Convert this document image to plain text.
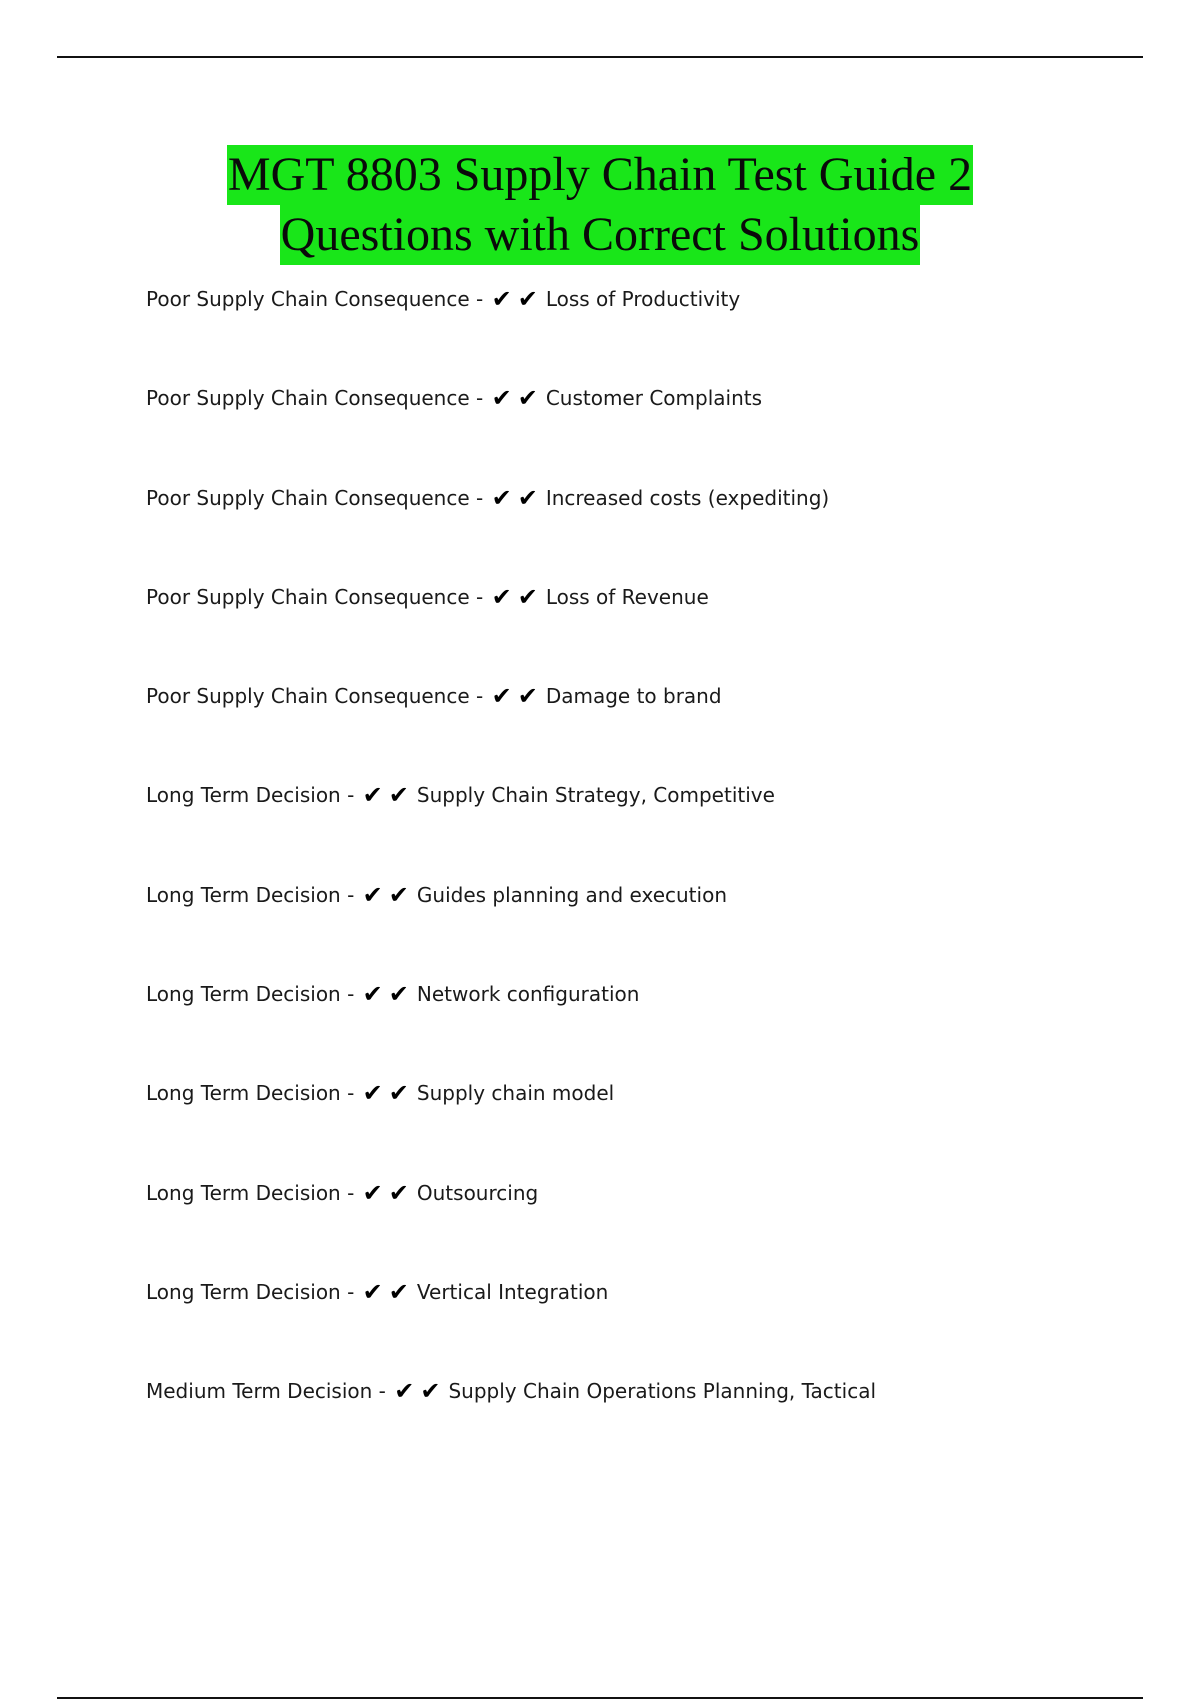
MGT 8803 Supply Chain Test Guide 2
Questions with Correct Solutions
Poor Supply Chain Consequence - ✔✔ Loss of Productivity
Poor Supply Chain Consequence - ✔✔ Customer Complaints
Poor Supply Chain Consequence - ✔✔ Increased costs (expediting)
Poor Supply Chain Consequence - ✔✔ Loss of Revenue
Poor Supply Chain Consequence - ✔✔ Damage to brand
Long Term Decision - ✔✔ Supply Chain Strategy, Competitive
Long Term Decision - ✔✔ Guides planning and execution
Long Term Decision - ✔✔ Network configuration
Long Term Decision - ✔✔ Supply chain model
Long Term Decision - ✔✔ Outsourcing
Long Term Decision - ✔✔ Vertical Integration
Medium Term Decision - ✔✔ Supply Chain Operations Planning, Tactical
